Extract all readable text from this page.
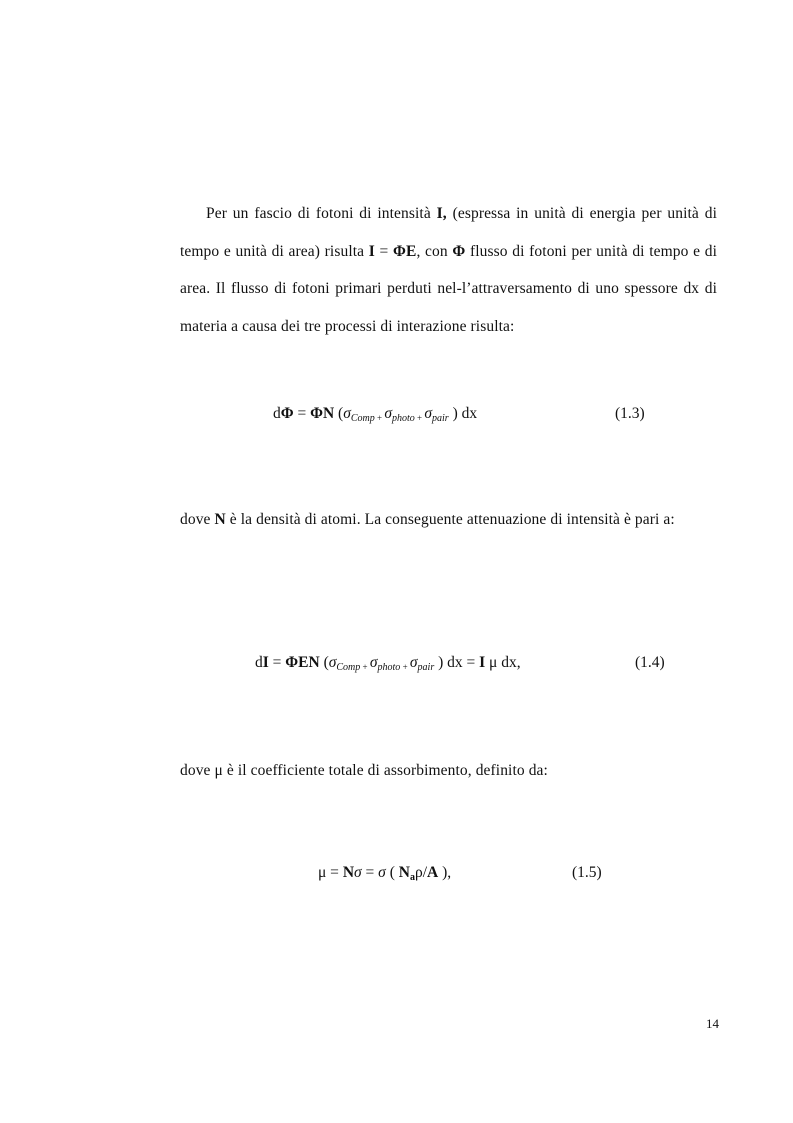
Per un fascio di fotoni di intensità I, (espressa in unità di energia per unità di tempo e unità di area) risulta I = ΦE, con Φ flusso di fotoni per unità di tempo e di area. Il flusso di fotoni primari perduti nel-l’attraversamento di uno spessore dx di materia a causa dei tre processi di interazione risulta:
dΦ = ΦN ($\sigma_{Comp} + \sigma_{photo} + \sigma_{pair}$ ) dx	(1.3)
dove N è la densità di atomi. La conseguente attenuazione di intensità è pari a:
dI = ΦEN ($\sigma_{Comp} + \sigma_{photo} + \sigma_{pair}$ ) dx = I μ dx,	(1.4)
dove μ è il coefficiente totale di assorbimento, definito da:
μ = Nσ = σ ( Naρ/A ),	(1.5)
14
